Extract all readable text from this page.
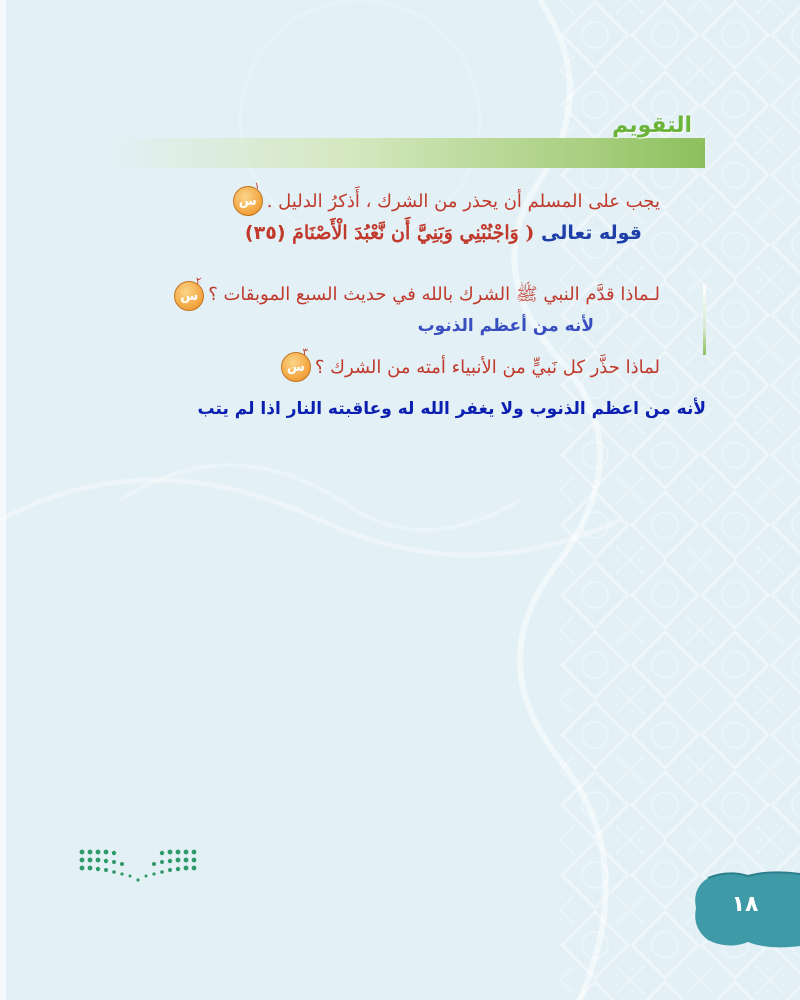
التقويم
س
١
يجب على المسلم أن يحذر من الشرك ، أَذكرُ الدليل .
قوله تعالى ( وَاجْنُبْنِي وَبَنِيَّ أَن نَّعْبُدَ الْأَصْنَامَ (٣٥)
س
٢
لـماذا قدَّم النبي ﷺ الشرك بالله في حديث السبع الموبقات ؟
لأنه من أعظم الذنوب
س
٣
لماذا حذَّر كل نَبيٍّ من الأنبياء أمته من الشرك ؟
لأنه من اعظم الذنوب ولا يغفر الله له وعاقبته النار اذا لم يتب
١٨
